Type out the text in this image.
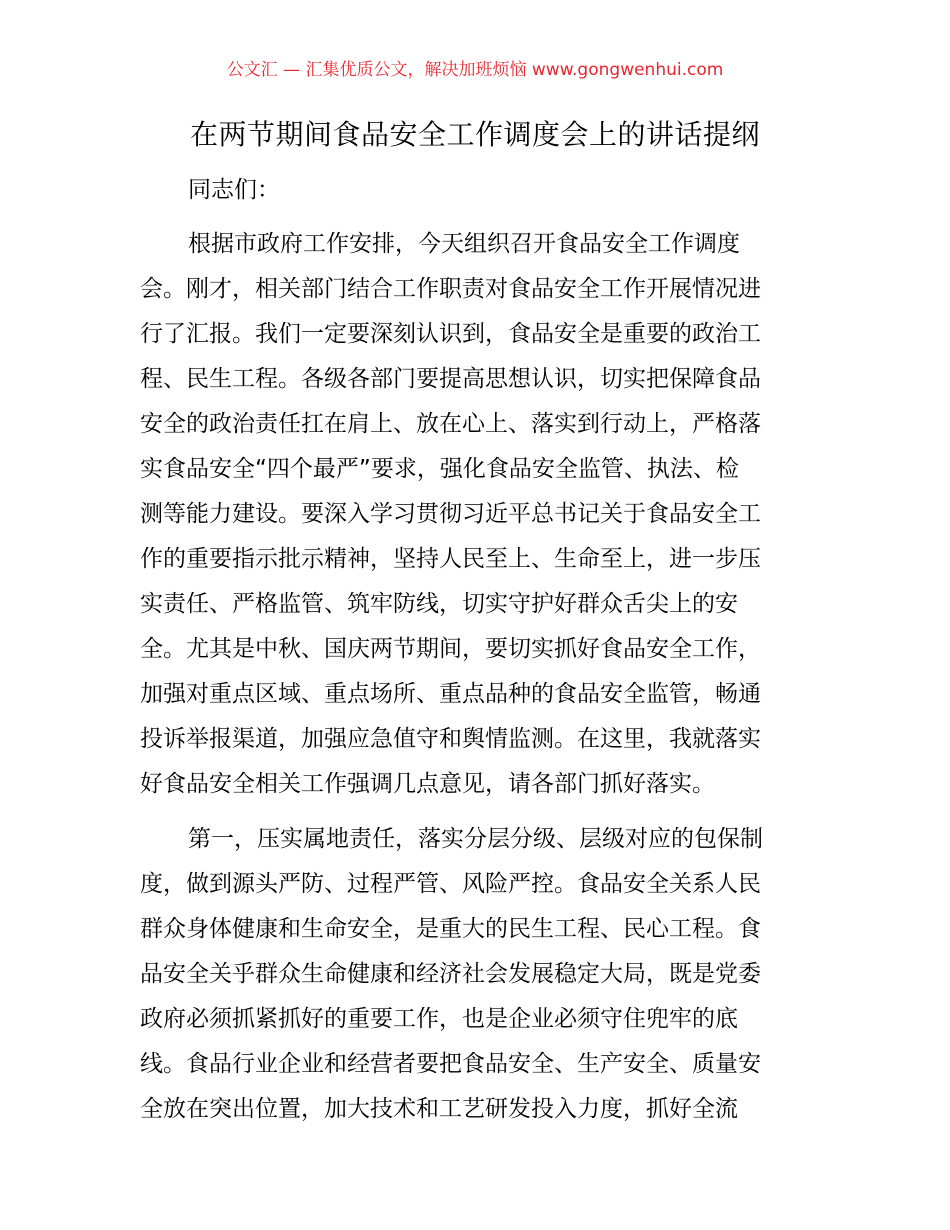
公文汇 — 汇集优质公文，解决加班烦恼 www.gongwenhui.com
在两节期间食品安全工作调度会上的讲话提纲
同志们：
根据市政府工作安排，今天组织召开食品安全工作调度
会。刚才，相关部门结合工作职责对食品安全工作开展情况进
行了汇报。我们一定要深刻认识到，食品安全是重要的政治工
程、民生工程。各级各部门要提高思想认识，切实把保障食品
安全的政治责任扛在肩上、放在心上、落实到行动上，严格落
实食品安全“四个最严”要求，强化食品安全监管、执法、检
测等能力建设。要深入学习贯彻习近平总书记关于食品安全工
作的重要指示批示精神，坚持人民至上、生命至上，进一步压
实责任、严格监管、筑牢防线，切实守护好群众舌尖上的安
全。尤其是中秋、国庆两节期间，要切实抓好食品安全工作，
加强对重点区域、重点场所、重点品种的食品安全监管，畅通
投诉举报渠道，加强应急值守和舆情监测。在这里，我就落实
好食品安全相关工作强调几点意见，请各部门抓好落实。
第一，压实属地责任，落实分层分级、层级对应的包保制
度，做到源头严防、过程严管、风险严控。食品安全关系人民
群众身体健康和生命安全，是重大的民生工程、民心工程。食
品安全关乎群众生命健康和经济社会发展稳定大局，既是党委
政府必须抓紧抓好的重要工作，也是企业必须守住兜牢的底
线。食品行业企业和经营者要把食品安全、生产安全、质量安
全放在突出位置，加大技术和工艺研发投入力度，抓好全流
